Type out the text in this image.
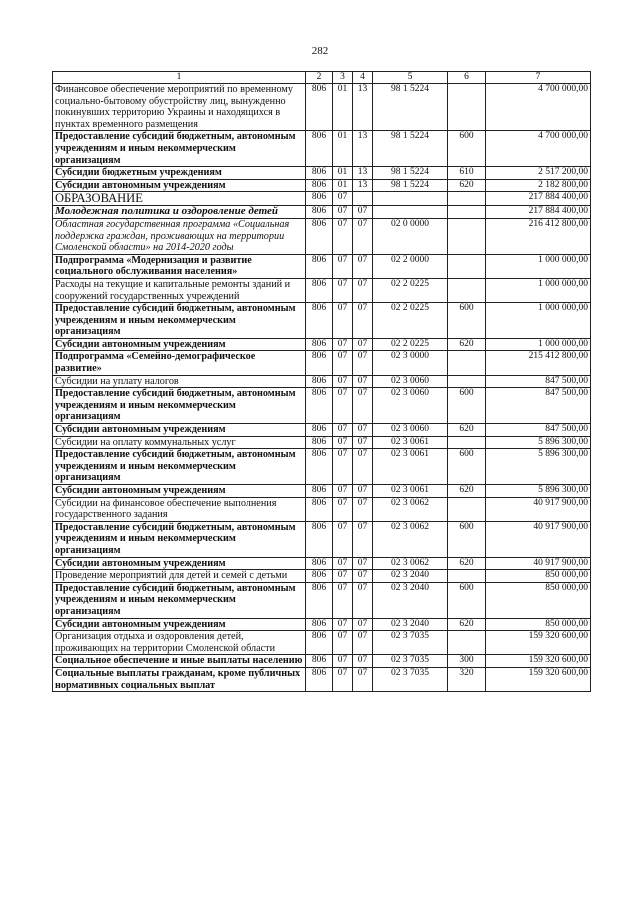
282
1	2	3	4	5	6	7
Финансовое обеспечение мероприятий по временному социально-бытовому обустройству лиц, вынужденно покинувших территорию Украины и находящихся в пунктах временного размещения	806	01	13	98 1 5224		4 700 000,00
Предоставление субсидий бюджетным, автономным учреждениям и иным некоммерческим организациям	806	01	13	98 1 5224	600	4 700 000,00
Субсидии бюджетным учреждениям	806	01	13	98 1 5224	610	2 517 200,00
Субсидии автономным учреждениям	806	01	13	98 1 5224	620	2 182 800,00
ОБРАЗОВАНИЕ	806	07				217 884 400,00
Молодежная политика и оздоровление детей	806	07	07			217 884 400,00
Областная государственная программа «Социальная поддержка граждан, проживающих на территории Смоленской области» на 2014-2020 годы	806	07	07	02 0 0000		216 412 800,00
Подпрограмма «Модернизация и развитие социального обслуживания населения»	806	07	07	02 2 0000		1 000 000,00
Расходы на текущие и капитальные ремонты зданий и сооружений государственных учреждений	806	07	07	02 2 0225		1 000 000,00
Предоставление субсидий бюджетным, автономным учреждениям и иным некоммерческим организациям	806	07	07	02 2 0225	600	1 000 000,00
Субсидии автономным учреждениям	806	07	07	02 2 0225	620	1 000 000,00
Подпрограмма «Семейно-демографическое развитие»	806	07	07	02 3 0000		215 412 800,00
Субсидии на уплату налогов	806	07	07	02 3 0060		847 500,00
Предоставление субсидий бюджетным, автономным учреждениям и иным некоммерческим организациям	806	07	07	02 3 0060	600	847 500,00
Субсидии автономным учреждениям	806	07	07	02 3 0060	620	847 500,00
Субсидии на оплату коммунальных услуг	806	07	07	02 3 0061		5 896 300,00
Предоставление субсидий бюджетным, автономным учреждениям и иным некоммерческим организациям	806	07	07	02 3 0061	600	5 896 300,00
Субсидии автономным учреждениям	806	07	07	02 3 0061	620	5 896 300,00
Субсидии на финансовое обеспечение выполнения государственного задания	806	07	07	02 3 0062		40 917 900,00
Предоставление субсидий бюджетным, автономным учреждениям и иным некоммерческим организациям	806	07	07	02 3 0062	600	40 917 900,00
Субсидии автономным учреждениям	806	07	07	02 3 0062	620	40 917 900,00
Проведение мероприятий для детей и семей с детьми	806	07	07	02 3 2040		850 000,00
Предоставление субсидий бюджетным, автономным учреждениям и иным некоммерческим организациям	806	07	07	02 3 2040	600	850 000,00
Субсидии автономным учреждениям	806	07	07	02 3 2040	620	850 000,00
Организация отдыха и оздоровления детей, проживающих на территории Смоленской области	806	07	07	02 3 7035		159 320 600,00
Социальное обеспечение и иные выплаты населению	806	07	07	02 3 7035	300	159 320 600,00
Социальные выплаты гражданам, кроме публичных нормативных социальных выплат	806	07	07	02 3 7035	320	159 320 600,00
